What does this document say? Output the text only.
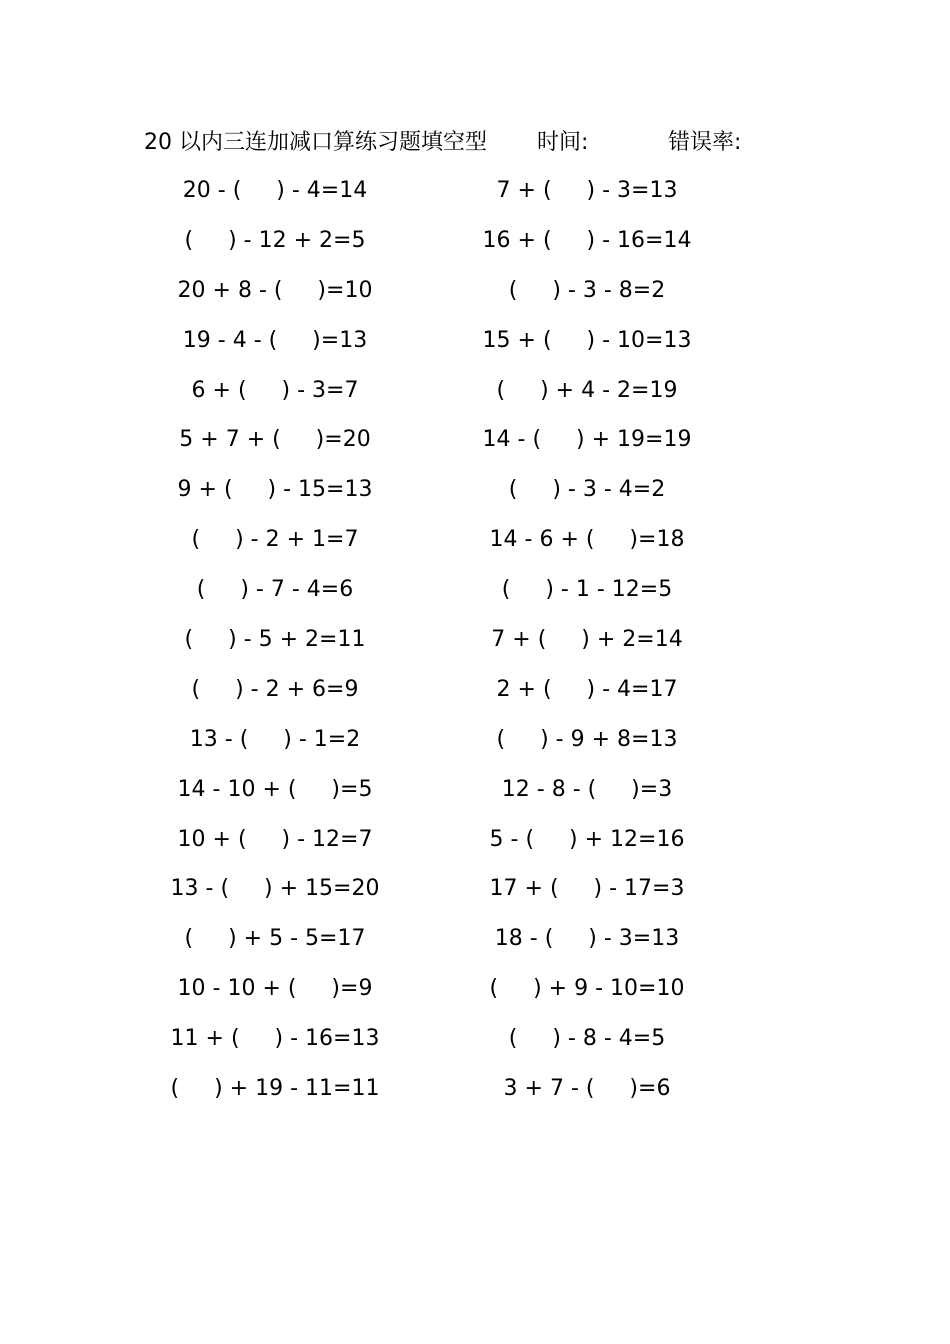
20 以内三连加减口算练习题填空型 时间:	错误率:
20 - (     ) - 4=14	7 + (     ) - 3=13
(     ) - 12 + 2=5	16 + (     ) - 16=14
20 + 8 - (     )=10	(     ) - 3 - 8=2
19 - 4 - (     )=13	15 + (     ) - 10=13
6 + (     ) - 3=7	(     ) + 4 - 2=19
5 + 7 + (     )=20	14 - (     ) + 19=19
9 + (     ) - 15=13	(     ) - 3 - 4=2
(     ) - 2 + 1=7	14 - 6 + (     )=18
(     ) - 7 - 4=6	(     ) - 1 - 12=5
(     ) - 5 + 2=11	7 + (     ) + 2=14
(     ) - 2 + 6=9	2 + (     ) - 4=17
13 - (     ) - 1=2	(     ) - 9 + 8=13
14 - 10 + (     )=5	12 - 8 - (     )=3
10 + (     ) - 12=7	5 - (     ) + 12=16
13 - (     ) + 15=20	17 + (     ) - 17=3
(     ) + 5 - 5=17	18 - (     ) - 3=13
10 - 10 + (     )=9	(     ) + 9 - 10=10
11 + (     ) - 16=13	(     ) - 8 - 4=5
(     ) + 19 - 11=11	3 + 7 - (     )=6
